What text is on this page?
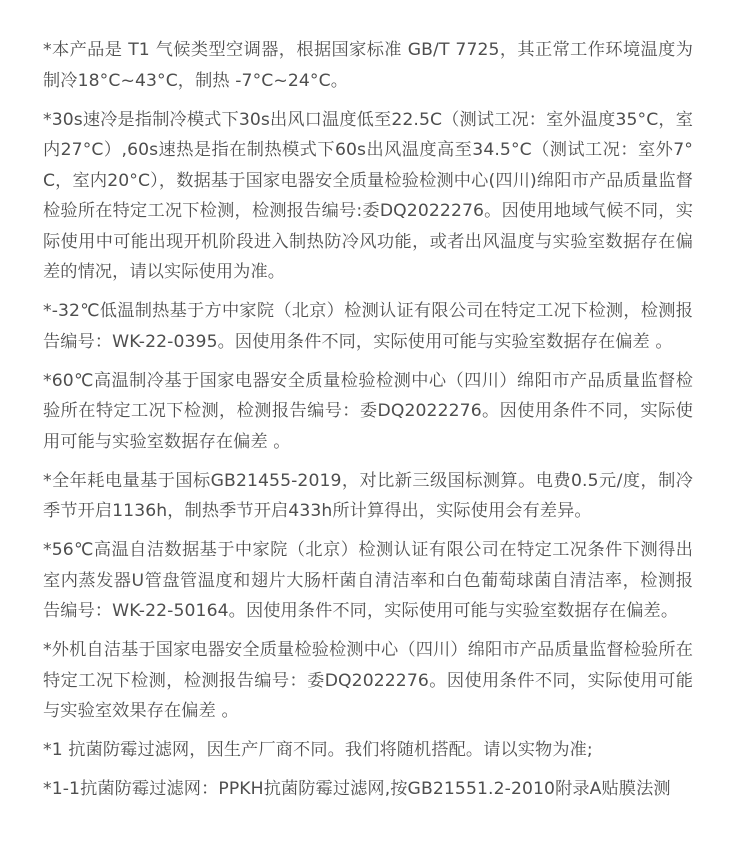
*本产品是 T1 气候类型空调器，根据国家标准 GB/T 7725，其正常工作环境温度为制冷18°C~43°C，制热 -7°C~24°C。

*30s速冷是指制冷模式下30s出风口温度低至22.5C（测试工况：室外温度35°C，室内27°C）,60s速热是指在制热模式下60s出风温度高至34.5°C（测试工况：室外7°C，室内20°C），数据基于国家电器安全质量检验检测中心(四川)绵阳市产品质量监督检验所在特定工况下检测，检测报告编号:委DQ2022276。因使用地域气候不同，实际使用中可能出现开机阶段进入制热防冷风功能，或者出风温度与实验室数据存在偏差的情况，请以实际使用为准。

*-32℃低温制热基于方中家院（北京）检测认证有限公司在特定工况下检测，检测报告编号：WK-22-0395。因使用条件不同，实际使用可能与实验室数据存在偏差 。

*60℃高温制冷基于国家电器安全质量检验检测中心（四川）绵阳市产品质量监督检验所在特定工况下检测，检测报告编号：委DQ2022276。因使用条件不同，实际使用可能与实验室数据存在偏差 。

*全年耗电量基于国标GB21455-2019，对比新三级国标测算。电费0.5元/度，制冷季节开启1136h，制热季节开启433h所计算得出，实际使用会有差异。

*56℃高温自洁数据基于中家院（北京）检测认证有限公司在特定工况条件下测得出室内蒸发器U管盘管温度和翅片大肠杆菌自清洁率和白色葡萄球菌自清洁率，检测报告编号：WK-22-50164。因使用条件不同，实际使用可能与实验室数据存在偏差。

*外机自洁基于国家电器安全质量检验检测中心（四川）绵阳市产品质量监督检验所在特定工况下检测，检测报告编号：委DQ2022276。因使用条件不同，实际使用可能与实验室效果存在偏差 。

*1 抗菌防霉过滤网，因生产厂商不同。我们将随机搭配。请以实物为准;

*1-1抗菌防霉过滤网：PPKH抗菌防霉过滤网,按GB21551.2-2010附录A贴膜法测
